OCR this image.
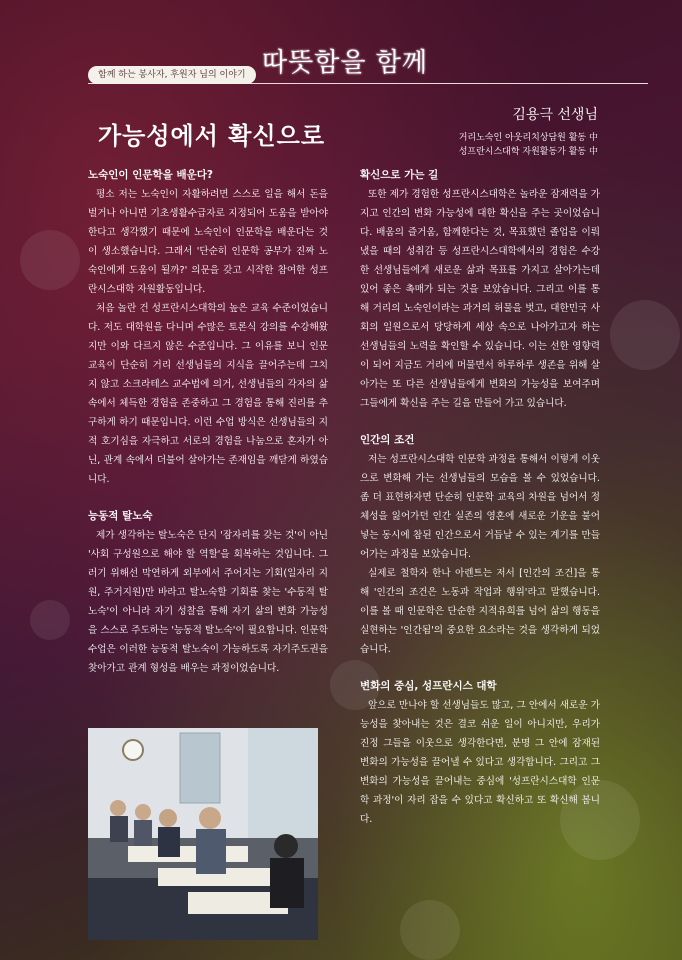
함께 하는 봉사자, 후원자 님의 이야기 따뜻함을 함께
가능성에서 확신으로
김용극 선생님
거리노숙인 아웃리치상담원 활동 中
성프란시스대학 자원활동가 활동 中
노숙인이 인문학을 배운다?

평소 저는 노숙인이 자활하려면 스스로 일을 해서 돈을 벌거나 아니면 기초생활수급자로 지정되어 도움을 받아야 한다고 생각했기 때문에 노숙인이 인문학을 배운다는 것이 생소했습니다. 그래서 '단순히 인문학 공부가 진짜 노숙인에게 도움이 될까?' 의문을 갖고 시작한 참여한 성프란시스대학 자원활동입니다.

처음 놀란 건 성프란시스대학의 높은 교육 수준이었습니다. 저도 대학원을 다니며 수많은 토론식 강의를 수강해왔지만 이와 다르지 않은 수준입니다. 그 이유를 보니 인문교육이 단순히 거리 선생님들의 지식을 끌어주는데 그치지 않고 소크라테스 교수법에 의거, 선생님들의 각자의 삶 속에서 체득한 경험을 존중하고 그 경험을 통해 진리를 추구하게 하기 때문입니다. 이런 수업 방식은 선생님들의 지적 호기심을 자극하고 서로의 경험을 나눔으로 혼자가 아닌, 관계 속에서 더불어 살아가는 존재임을 깨닫게 하였습니다.

능동적 탈노숙

제가 생각하는 탈노숙은 단지 '잠자리를 갖는 것'이 아닌 '사회 구성원으로 해야 할 역할'을 회복하는 것입니다. 그러기 위해선 막연하게 외부에서 주어지는 기회(일자리 지원, 주거지원)만 바라고 탈노숙할 기회를 찾는 '수동적 탈노숙'이 아니라 자기 성찰을 통해 자기 삶의 변화 가능성을 스스로 주도하는 '능동적 탈노숙'이 필요합니다. 인문학 수업은 이러한 능동적 탈노숙이 가능하도록 자기주도권을 찾아가고 관계 형성을 배우는 과정이었습니다.

확신으로 가는 길

또한 제가 경험한 성프란시스대학은 놀라운 잠재력을 가지고 인간의 변화 가능성에 대한 확신을 주는 곳이었습니다. 배움의 즐거움, 함께한다는 것, 목표했던 졸업을 이뤄냈을 때의 성취감 등 성프란시스대학에서의 경험은 수강한 선생님들에게 새로운 삶과 목표를 가지고 살아가는데 있어 좋은 촉매가 되는 것을 보았습니다. 그리고 이를 통해 거리의 노숙인이라는 과거의 허물을 벗고, 대한민국 사회의 일원으로서 당당하게 세상 속으로 나아가고자 하는 선생님들의 노력을 확인할 수 있습니다. 이는 선한 영향력이 되어 지금도 거리에 머물면서 하루하루 생존을 위해 살아가는 또 다른 선생님들에게 변화의 가능성을 보여주며 그들에게 확신을 주는 길을 만들어 가고 있습니다.

인간의 조건

저는 성프란시스대학 인문학 과정을 통해서 이렇게 이웃으로 변화해 가는 선생님들의 모습을 볼 수 있었습니다. 좀 더 표현하자면 단순히 인문학 교육의 차원을 넘어서 정체성을 잃어가던 인간 실존의 영혼에 새로운 기운을 불어넣는 동시에 참된 인간으로서 거듭날 수 있는 계기를 만들어가는 과정을 보았습니다.

실제로 철학자 한나 아렌트는 저서 [인간의 조건]을 통해 '인간의 조건은 노동과 작업과 행위'라고 말했습니다. 이를 볼 때 인문학은 단순한 지적유희를 넘어 삶의 행동을 실현하는 '인간됨'의 중요한 요소라는 것을 생각하게 되었습니다.

변화의 중심, 성프란시스 대학

앞으로 만나야 할 선생님들도 많고, 그 안에서 새로운 가능성을 찾아내는 것은 결코 쉬운 일이 아니지만, 우리가 진정 그들을 이웃으로 생각한다면, 분명 그 안에 잠재된 변화의 가능성을 끌어낼 수 있다고 생각합니다. 그리고 그 변화의 가능성을 끌어내는 중심에 '성프란시스대학 인문학 과정'이 자리 잡을 수 있다고 확신하고 또 확신해 봅니다.
